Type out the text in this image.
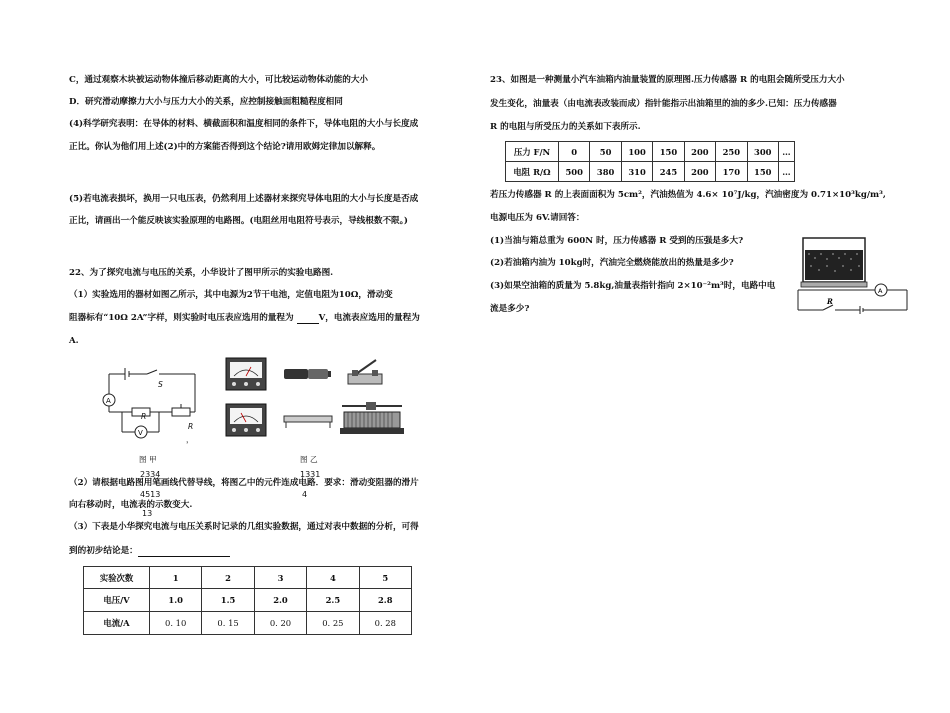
C，通过观察木块被运动物体撞后移动距离的大小，可比较运动物体动能的大小
D．研究滑动摩擦力大小与压力大小的关系，应控制接触面粗糙程度相同
(4)科学研究表明：在导体的材料、横截面积和温度相同的条件下，导体电阻的大小与长度成
正比。你认为他们用上述(2)中的方案能否得到这个结论?请用欧姆定律加以解释。
(5)若电流表损坏，换用一只电压表，仍然利用上述器材来探究导体电阻的大小与长度是否成
正比，请画出一个能反映该实验原理的电路图。(电阻丝用电阻符号表示，导线根数不限。)
22、为了探究电流与电压的关系，小华设计了图甲所示的实验电路图.
（1）实验选用的器材如图乙所示，其中电源为2节干电池，定值电阻为10Ω，滑动变
阻器标有“10Ω 2A”字样，则实验时电压表应选用的量程为	V，电流表应选用的量程为
A.
A
V
S
R
R
，
图 甲
2334
4513
13
图 乙
1331
4
（2）请根据电路图用笔画线代替导线，将图乙中的元件连成电路．要求：滑动变阻器的滑片
向右移动时，电流表的示数变大.
（3）下表是小华探究电流与电压关系时记录的几组实验数据，通过对表中数据的分析，可得
到的初步结论是：
实验次数	1	2	3	4	5
电压/V	1.0	1.5	2.0	2.5	2.8
电流/A	0. 10	0. 15	0. 20	0. 25	0. 28
23、如图是一种测量小汽车油箱内油量装置的原理图.压力传感器 R 的电阻会随所受压力大小
发生变化，油量表（由电流表改装而成）指针能指示出油箱里的油的多少.已知：压力传感器
R 的电阻与所受压力的关系如下表所示.
压力 F/N	0	50	100	150	200	250	300	…
电阻 R/Ω	500	380	310	245	200	170	150	…
若压力传感器 R 的上表面面积为 5cm²，汽油热值为 4.6× 10⁷J/kg，汽油密度为 0.71×10³kg/m³,
电源电压为 6V.请回答：
(1)当油与箱总重为 600N 时，压力传感器 R 受到的压强是多大?
(2)若油箱内油为 10kg时，汽油完全燃烧能放出的热量是多少?
(3)如果空油箱的质量为 5.8kg,油量表指针指向 2×10⁻²m³时，电路中电
流是多少?
A
R
